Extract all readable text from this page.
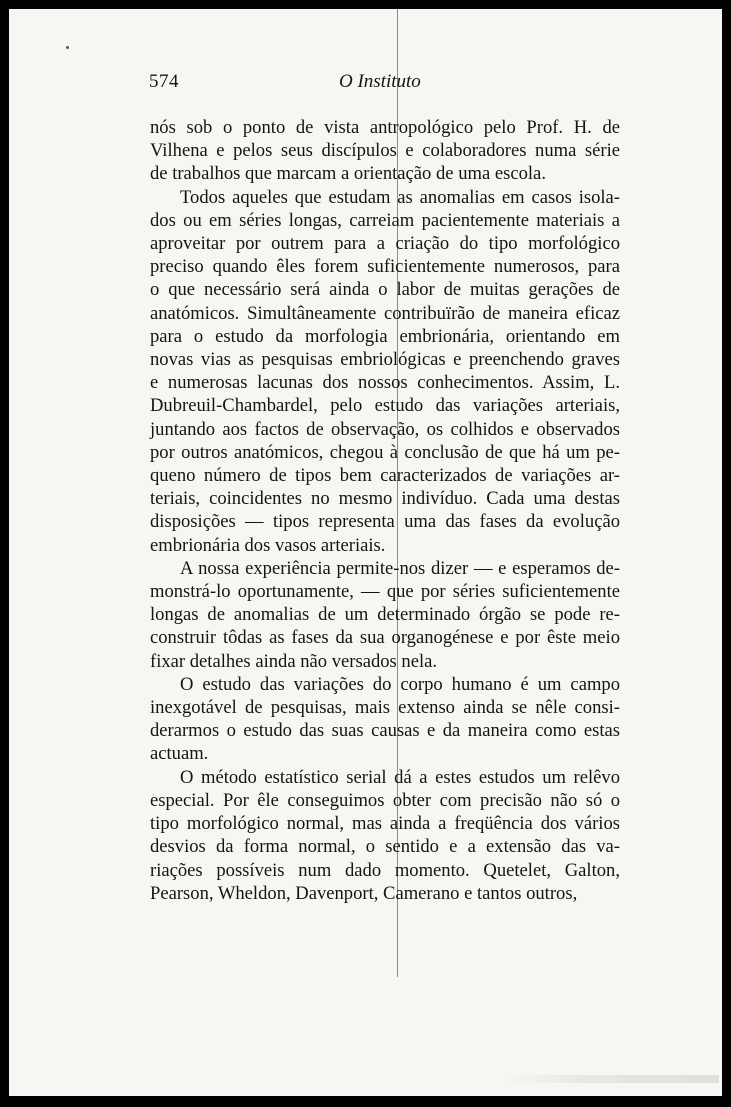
574	O Instituto
nós sob o ponto de vista antropológico pelo Prof. H. de
Vilhena e pelos seus discípulos e colaboradores numa série
de trabalhos que marcam a orientação de uma escola.
Todos aqueles que estudam as anomalias em casos isola-
dos ou em séries longas, carreiam pacientemente materiais a
aproveitar por outrem para a criação do tipo morfológico
preciso quando êles forem suficientemente numerosos, para
o que necessário será ainda o labor de muitas gerações de
anatómicos. Simultâneamente contribuïrão de maneira eficaz
para o estudo da morfologia embrionária, orientando em
novas vias as pesquisas embriológicas e preenchendo graves
e numerosas lacunas dos nossos conhecimentos. Assim, L.
Dubreuil-Chambardel, pelo estudo das variações arteriais,
juntando aos factos de observação, os colhidos e observados
por outros anatómicos, chegou à conclusão de que há um pe-
queno número de tipos bem caracterizados de variações ar-
teriais, coincidentes no mesmo indivíduo. Cada uma destas
disposições — tipos representa uma das fases da evolução
embrionária dos vasos arteriais.
A nossa experiência permite-nos dizer — e esperamos de-
monstrá-lo oportunamente, — que por séries suficientemente
longas de anomalias de um determinado órgão se pode re-
construir tôdas as fases da sua organogénese e por êste meio
fixar detalhes ainda não versados nela.
O estudo das variações do corpo humano é um campo
inexgotável de pesquisas, mais extenso ainda se nêle consi-
derarmos o estudo das suas causas e da maneira como estas
actuam.
O método estatístico serial dá a estes estudos um relêvo
especial. Por êle conseguimos obter com precisão não só o
tipo morfológico normal, mas ainda a freqüência dos vários
desvios da forma normal, o sentido e a extensão das va-
riações possíveis num dado momento. Quetelet, Galton,
Pearson, Wheldon, Davenport, Camerano e tantos outros,
